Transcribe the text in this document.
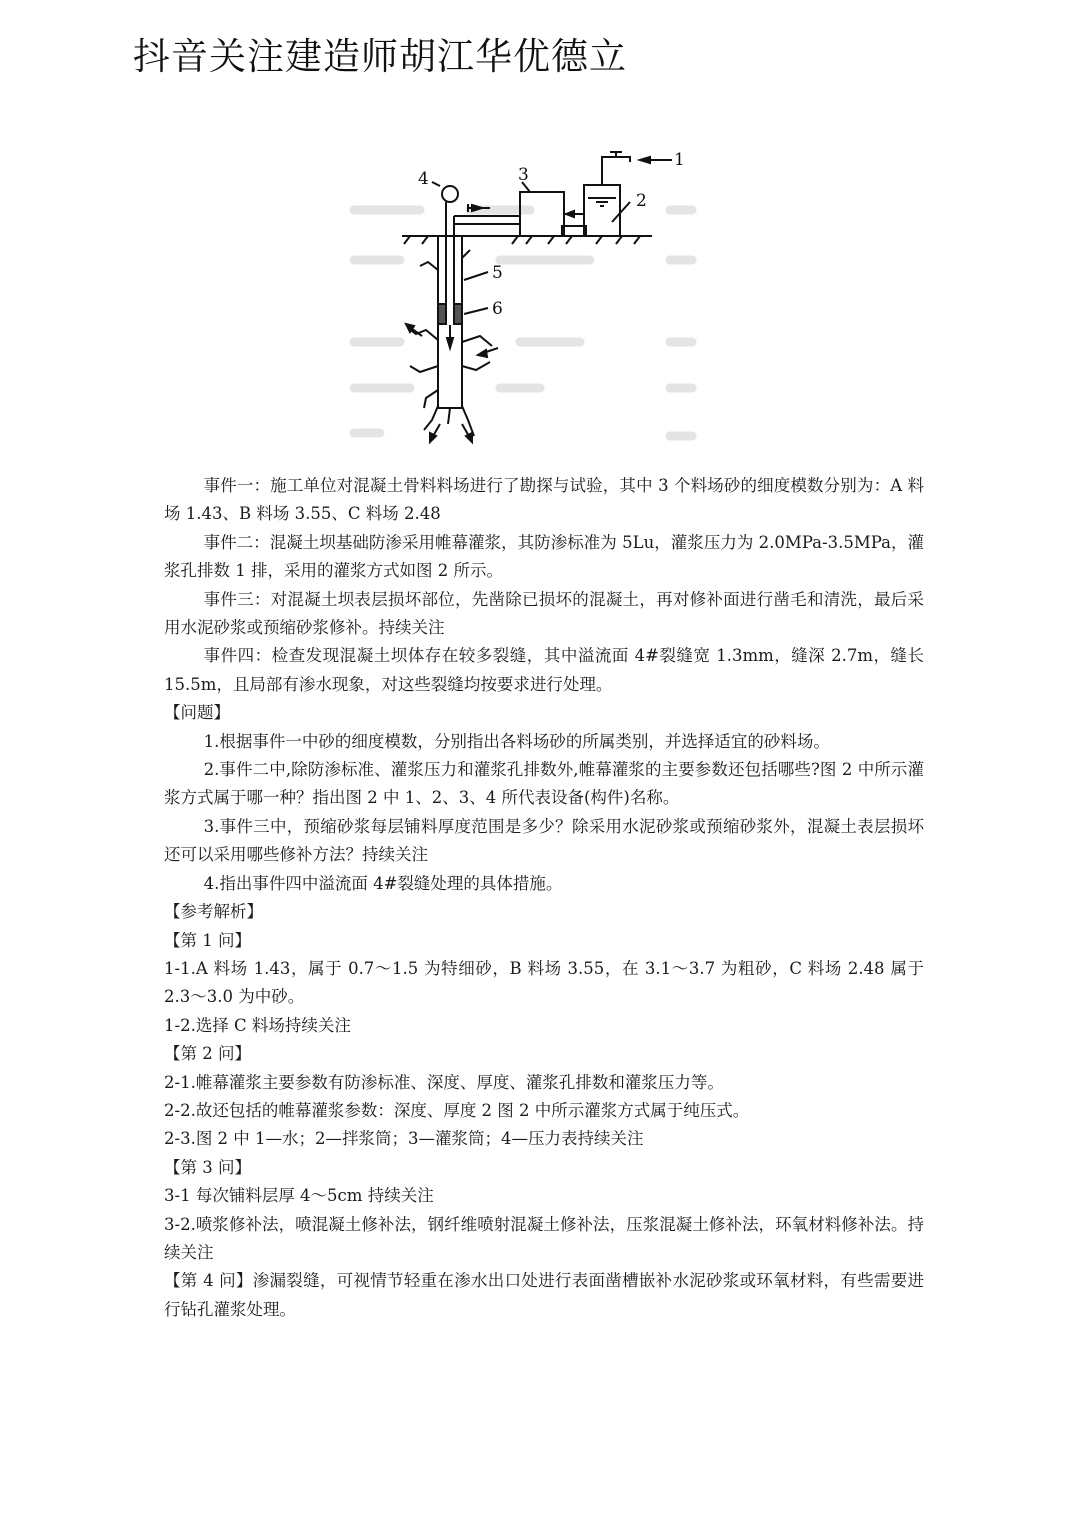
抖音关注建造师胡江华优德立
4	3
1
2
5
6

事件一：施工单位对混凝土骨料料场进行了勘探与试验，其中 3 个料场砂的细度模数分别为：A 料场 1.43、B 料场 3.55、C 料场 2.48

事件二：混凝土坝基础防渗采用帷幕灌浆，其防渗标准为 5Lu，灌浆压力为 2.0MPa-3.5MPa，灌浆孔排数 1 排，采用的灌浆方式如图 2 所示。

事件三：对混凝土坝表层损坏部位，先凿除已损坏的混凝土，再对修补面进行凿毛和清洗，最后采用水泥砂浆或预缩砂浆修补。持续关注

事件四：检查发现混凝土坝体存在较多裂缝，其中溢流面 4#裂缝宽 1.3mm，缝深 2.7m，缝长 15.5m，且局部有渗水现象，对这些裂缝均按要求进行处理。

【问题】

1.根据事件一中砂的细度模数，分别指出各料场砂的所属类别，并选择适宜的砂料场。

2.事件二中,除防渗标准、灌浆压力和灌浆孔排数外,帷幕灌浆的主要参数还包括哪些?图 2 中所示灌浆方式属于哪一种？指出图 2 中 1、2、3、4 所代表设备(构件)名称。

3.事件三中，预缩砂浆每层铺料厚度范围是多少？除采用水泥砂浆或预缩砂浆外，混凝土表层损坏还可以采用哪些修补方法？持续关注

4.指出事件四中溢流面 4#裂缝处理的具体措施。

【参考解析】

【第 1 问】

1-1.A 料场 1.43，属于 0.7～1.5 为特细砂，B 料场 3.55，在 3.1～3.7 为粗砂，C 料场 2.48 属于 2.3～3.0 为中砂。

1-2.选择 C 料场持续关注

【第 2 问】

2-1.帷幕灌浆主要参数有防渗标准、深度、厚度、灌浆孔排数和灌浆压力等。

2-2.故还包括的帷幕灌浆参数：深度、厚度 2 图 2 中所示灌浆方式属于纯压式。

2-3.图 2 中 1—水；2—拌浆筒；3—灌浆筒；4—压力表持续关注

【第 3 问】

3-1 每次铺料层厚 4～5cm 持续关注

3-2.喷浆修补法，喷混凝土修补法，钢纤维喷射混凝土修补法，压浆混凝土修补法，环氧材料修补法。持续关注

【第 4 问】渗漏裂缝，可视情节轻重在渗水出口处进行表面凿槽嵌补水泥砂浆或环氧材料，有些需要进行钻孔灌浆处理。
